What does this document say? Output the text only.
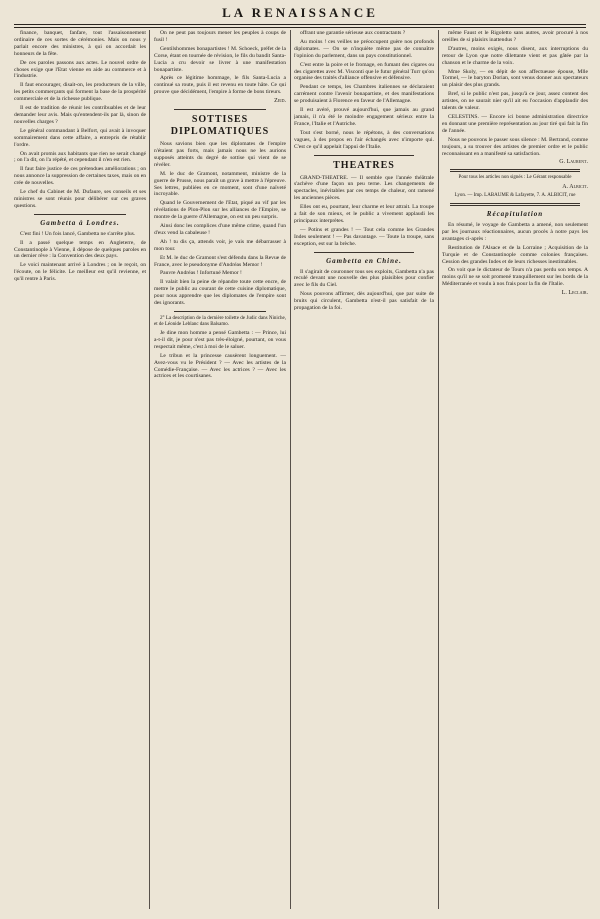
LA RENAISSANCE

finance, banquet, fanfare, tout l'assaisonnement ordinaire de ces sortes de cérémonies. Mais on nous y parlait encore des ministres, à qui on accordait les honneurs de la fête.

De ces paroles passons aux actes. Le nouvel ordre de choses exige que l'Etat vienne en aide au commerce et à l'industrie.

Il faut encourager, disait-on, les producteurs de la ville, les petits commerçants qui forment la base de la prospérité commerciale et de la richesse publique.

Il est de tradition de réunir les contribuables et de leur demander leur avis. Mais qu'entendent-ils par là, sinon de nouvelles charges ?

Le général commandant à Belfort, qui avait à invoquer sommairement dans cette affaire, a entrepris de rétablir l'ordre.

On avait promis aux habitants que rien ne serait changé ; on l'a dit, on l'a répété, et cependant il n'en est rien.

Il faut faire justice de ces prétendues améliorations ; on nous annonce la suppression de certaines taxes, mais on en crée de nouvelles.

Le chef du Cabinet de M. Dufaure, ses conseils et ses ministres se sont réunis pour délibérer sur ces graves questions.

Gambetta à Londres.

C'est fini ! Un fois lancé, Gambetta ne s'arrête plus.

Il a passé quelque temps en Angleterre, de Constantinople à Vienne, il dépose de quelques paroles en un dernier rêve : la Convention des deux pays.

Le voici maintenant arrivé à Londres ; on le reçoit, on l'écoute, on le félicite. Le meilleur est qu'il revienne, et qu'il rentre à Paris.

On ne peut pas toujours mener les peuples à coups de fusil !

Gentilshommes bonapartistes ! M. Schoeck, préfet de la Corse, étant en tournée de révision, le fils du bandit Santa-Lucia a cru devoir se livrer à une manifestation bonapartiste.

Après ce légitime hommage, le fils Santa-Lucia a continué sa route, puis il est revenu en toute hâte. Ce qui prouve que décidément, l'empire à forme de bons tireurs.

Zeid.

SOTTISES DIPLOMATIQUES

Nous savions bien que les diplomates de l'empire n'étaient pas forts, mais jamais nous ne les aurions supposés atteints du degré de sottise qui vient de se révéler.

M. le duc de Gramont, notamment, ministre de la guerre de Prusse, nous paraît un grave à mettre à l'épreuve. Ses lettres, publiées en ce moment, sont d'une naïveté incroyable.

Quand le Gouvernement de l'Etat, piqué au vif par les révélations de Plon-Plon sur les alliances de l'Empire, se montre de la guerre d'Allemagne, on est un peu surpris.

Ainsi donc les complices d'une même crime, quand l'un d'eux vend la cabaleuse !

Ah ! tu dis ça, attends voir, je vais me débarrasser à mon tour.

Et M. le duc de Gramont s'est défendu dans la Revue de France, avec le pseudonyme d'Andréas Memor !

Pauvre Andréas ! Infortuné Memor !

Il valait bien la peine de répandre toute cette encre, de mettre le public au courant de cette cuisine diplomatique, pour nous apprendre que les diplomates de l'empire sont des ignorants.

2° La description de la dernière toilette de Judic dans Niniche, et de Léonide Leblanc dans Balsamo.

Je dine mon homme a pensé Gambetta : — Prince, lui a-t-il dit, je pour n'est pas très-éloigné, pourtant, on vous respectait même, c'est à moi de le saluer.

Le tribun et la princesse causèrent longuement. — Avez-vous vu le Président ? — Avec les artistes de la Comédie-Française. — Avec les actrices ? — Avec les actrices et les courtisanes.

offrant une garantie sérieuse aux contractants ?

Au moins ! ces veilles ne préoccupent guère nos profonds diplomates. — On se n'inquiète même pas de connaître l'opinion du parlement, dans un pays constitutionnel.

C'est entre la poire et le fromage, en fumant des cigares ou des cigarettes avec M. Visconti que le futur général Turr qu'on organise des traités d'alliance offensive et défensive.

Pendant ce temps, les Chambres italiennes se déclaraient carrément contre l'avenir bonapartiste, et des manifestations se produisaient à Florence en faveur de l'Allemagne.

Il est avéré, prouvé aujourd'hui, que jamais au grand jamais, il n'a été le moindre engagement sérieux entre la France, l'Italie et l'Autriche.

Tout s'est borné, nous le répétons, à des conversations vagues, à des propos en l'air échangés avec n'importe qui. C'est ce qu'il appelait l'appui de l'Italie.

THEATRES

GRAND-THEATRE. — Il semble que l'année théâtrale s'achève d'une façon un peu terne. Les changements de spectacles, inévitables par ces temps de chaleur, ont ramené les anciennes pièces.

Elles ont eu, pourtant, leur charme et leur attrait. La troupe a fait de son mieux, et le public a vivement applaudi les principaux interprètes.

— Potins et grandes ! — Tout cela comme les Grandes Indes seulement ! — Pas davantage. — Toute la troupe, sans exception, est sur la brèche.

Gambetta en Chine.

Il s'agirait de couronner tous ses exploits, Gambetta n'a pas reculé devant une nouvelle des plus plaisibles pour confier avec le fils du Ciel.

Nous pouvons affirmer, dès aujourd'hui, que par suite de bruits qui circulent, Gambetta n'est-il pas satisfait de la propagation de la foi.

même Faust et le Rigoletto sans autres, avoir procuré à nos oreilles de si plaisirs inattendus ?

D'autres, moins exigés, nous disent, aux interruptions du retour de Lyon que notre dilettante vient et pas gâtée par la chanson et le charme de la voix.

Mme Skoly, — en dépit de son affectueuse épouse, Mlle Tormel, — le baryton Dorian, sont venus donner aux spectateurs un plaisir des plus grands.

Bref, si le public n'est pas, jusqu'à ce jour, assez content des artistes, on ne saurait nier qu'il ait eu l'occasion d'applaudir des talents de valeur.

CELESTINS. — Encore ici bonne administration directrice en donnant une première représentation au jour tiré qui fait la fin de l'année.

Nous ne pouvons le passer sous silence : M. Bertrand, comme toujours, a su trouver des artistes de premier ordre et le public reconnaissant en a manifesté sa satisfaction.

G. Laurent.

Pour tous les articles non signés : Le Gérant responsable

A. Albicit.

Lyon. — Imp. LABAUME & Lafayette, 7. A. ALBICIT, rue

Récapitulation

En résumé, le voyage de Gambetta a amené, non seulement par les journaux réactionnaires, aucun procès à notre pays les avantages ci-après :

Restitution de l'Alsace et de la Lorraine ; Acquisition de la Turquie et de Constantinople comme colonies françaises. Cession des grandes Indes et de leurs richesses inestimables.

On voit que le dictateur de Tours n'a pas perdu son temps. A moins qu'il ne se soit promené tranquillement sur les bords de la Méditerranée et voulu à nos frais pour la fin de l'Italie.

L. Leclair.
